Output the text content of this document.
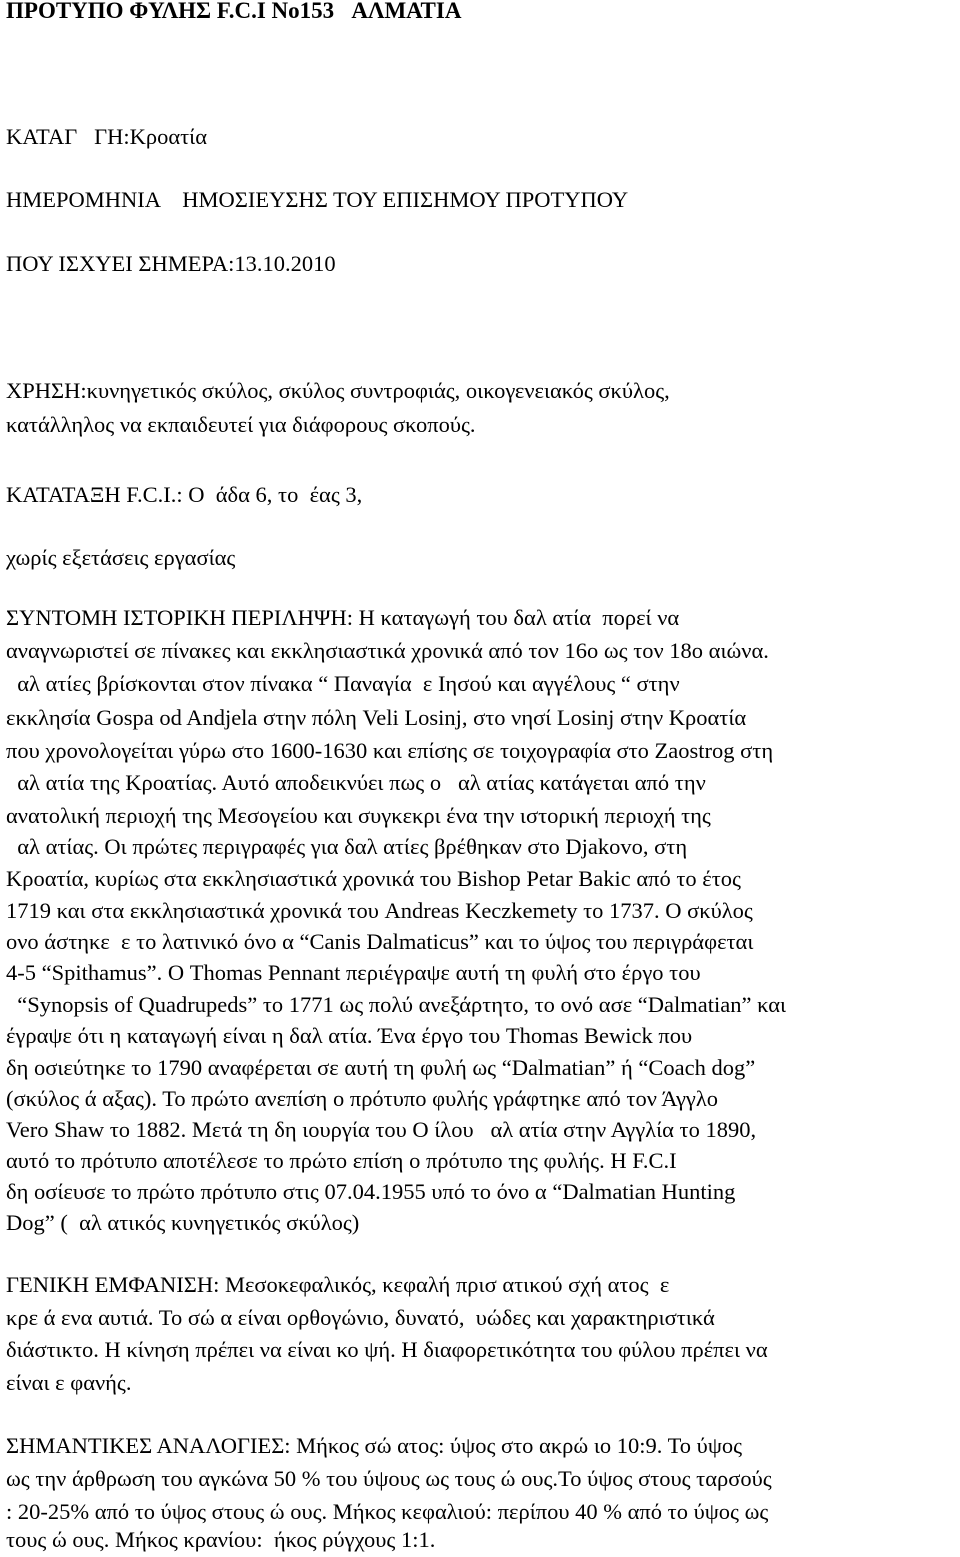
ΠΡΟΤΥΠΟ ΦΥΛΗΣ F.C.I No153   ΑΛΜΑΤΙΑ
ΚΑΤΑΓ   ΓΗ:Κροατία
ΗΜΕΡΟΜΗΝΙΑ    ΗΜΟΣΙΕΥΣΗΣ ΤΟΥ ΕΠΙΣΗΜΟΥ ΠΡΟΤΥΠΟΥ
ΠΟΥ ΙΣΧΥΕΙ ΣΗΜΕΡΑ:13.10.2010
ΧΡΗΣΗ:κυνηγετικός σκύλος, σκύλος συντροφιάς, οικογενειακός σκύλος,
κατάλληλος να εκπαιδευτεί για διάφορους σκοπούς.
ΚΑΤΑΤΑΞΗ F.C.I.: Ο  άδα 6, το  έας 3,
χωρίς εξετάσεις εργασίας
ΣΥΝΤΟΜΗ ΙΣΤΟΡΙΚΗ ΠΕΡΙΛΗΨΗ: Η καταγωγή του δαλ ατία  πορεί να
αναγνωριστεί σε πίνακες και εκκλησιαστικά χρονικά από τον 16ο ως τον 18ο αιώνα.
αλ ατίες βρίσκονται στον πίνακα “ Παναγία  ε Ιησού και αγγέλους “ στην
εκκλησία Gospa od Andjela στην πόλη Veli Losinj, στο νησί Losinj στην Κροατία
που χρονολογείται γύρω στο 1600-1630 και επίσης σε τοιχογραφία στο Zaostrog στη
αλ ατία της Κροατίας. Αυτό αποδεικνύει πως ο   αλ ατίας κατάγεται από την
ανατολική περιοχή της Μεσογείου και συγκεκρι ένα την ιστορική περιοχή της
αλ ατίας. Οι πρώτες περιγραφές για δαλ ατίες βρέθηκαν στο Djakovo, στη
Κροατία, κυρίως στα εκκλησιαστικά χρονικά του Bishop Petar Bakic από το έτος
1719 και στα εκκλησιαστικά χρονικά του Andreas Keczkemety το 1737. Ο σκύλος
ονο άστηκε  ε το λατινικό όνο α “Canis Dalmaticus” και το ύψος του περιγράφεται
4-5 “Spithamus”. Ο Thomas Pennant περιέγραψε αυτή τη φυλή στο έργο του
“Synopsis of Quadrupeds” το 1771 ως πολύ ανεξάρτητο, το ονό ασε “Dalmatian” και
έγραψε ότι η καταγωγή είναι η δαλ ατία. Ένα έργο του Thomas Bewick που
δη οσιεύτηκε το 1790 αναφέρεται σε αυτή τη φυλή ως “Dalmatian” ή “Coach dog”
(σκύλος ά αξας). Το πρώτο ανεπίση ο πρότυπο φυλής γράφτηκε από τον Άγγλο
Vero Shaw το 1882. Μετά τη δη ιουργία του Ο ίλου   αλ ατία στην Αγγλία το 1890,
αυτό το πρότυπο αποτέλεσε το πρώτο επίση ο πρότυπο της φυλής. Η F.C.I
δη οσίευσε το πρώτο πρότυπο στις 07.04.1955 υπό το όνο α “Dalmatian Hunting
Dog” (  αλ ατικός κυνηγετικός σκύλος)
ΓΕΝΙΚΗ ΕΜΦΑΝΙΣΗ: Μεσοκεφαλικός, κεφαλή πρισ ατικού σχή ατος  ε
κρε ά ενα αυτιά. Το σώ α είναι ορθογώνιο, δυνατό,  υώδες και χαρακτηριστικά
διάστικτο. Η κίνηση πρέπει να είναι κο ψή. Η διαφορετικότητα του φύλου πρέπει να
είναι ε φανής.
ΣΗΜΑΝΤΙΚΕΣ ΑΝΑΛΟΓΙΕΣ: Μήκος σώ ατος: ύψος στο ακρώ ιο 10:9. Το ύψος
ως την άρθρωση του αγκώνα 50 % του ύψους ως τους ώ ους.Το ύψος στους ταρσούς
: 20-25% από το ύψος στους ώ ους. Μήκος κεφαλιού: περίπου 40 % από το ύψος ως
τους ώ ους. Μήκος κρανίου:  ήκος ρύγχους 1:1.
